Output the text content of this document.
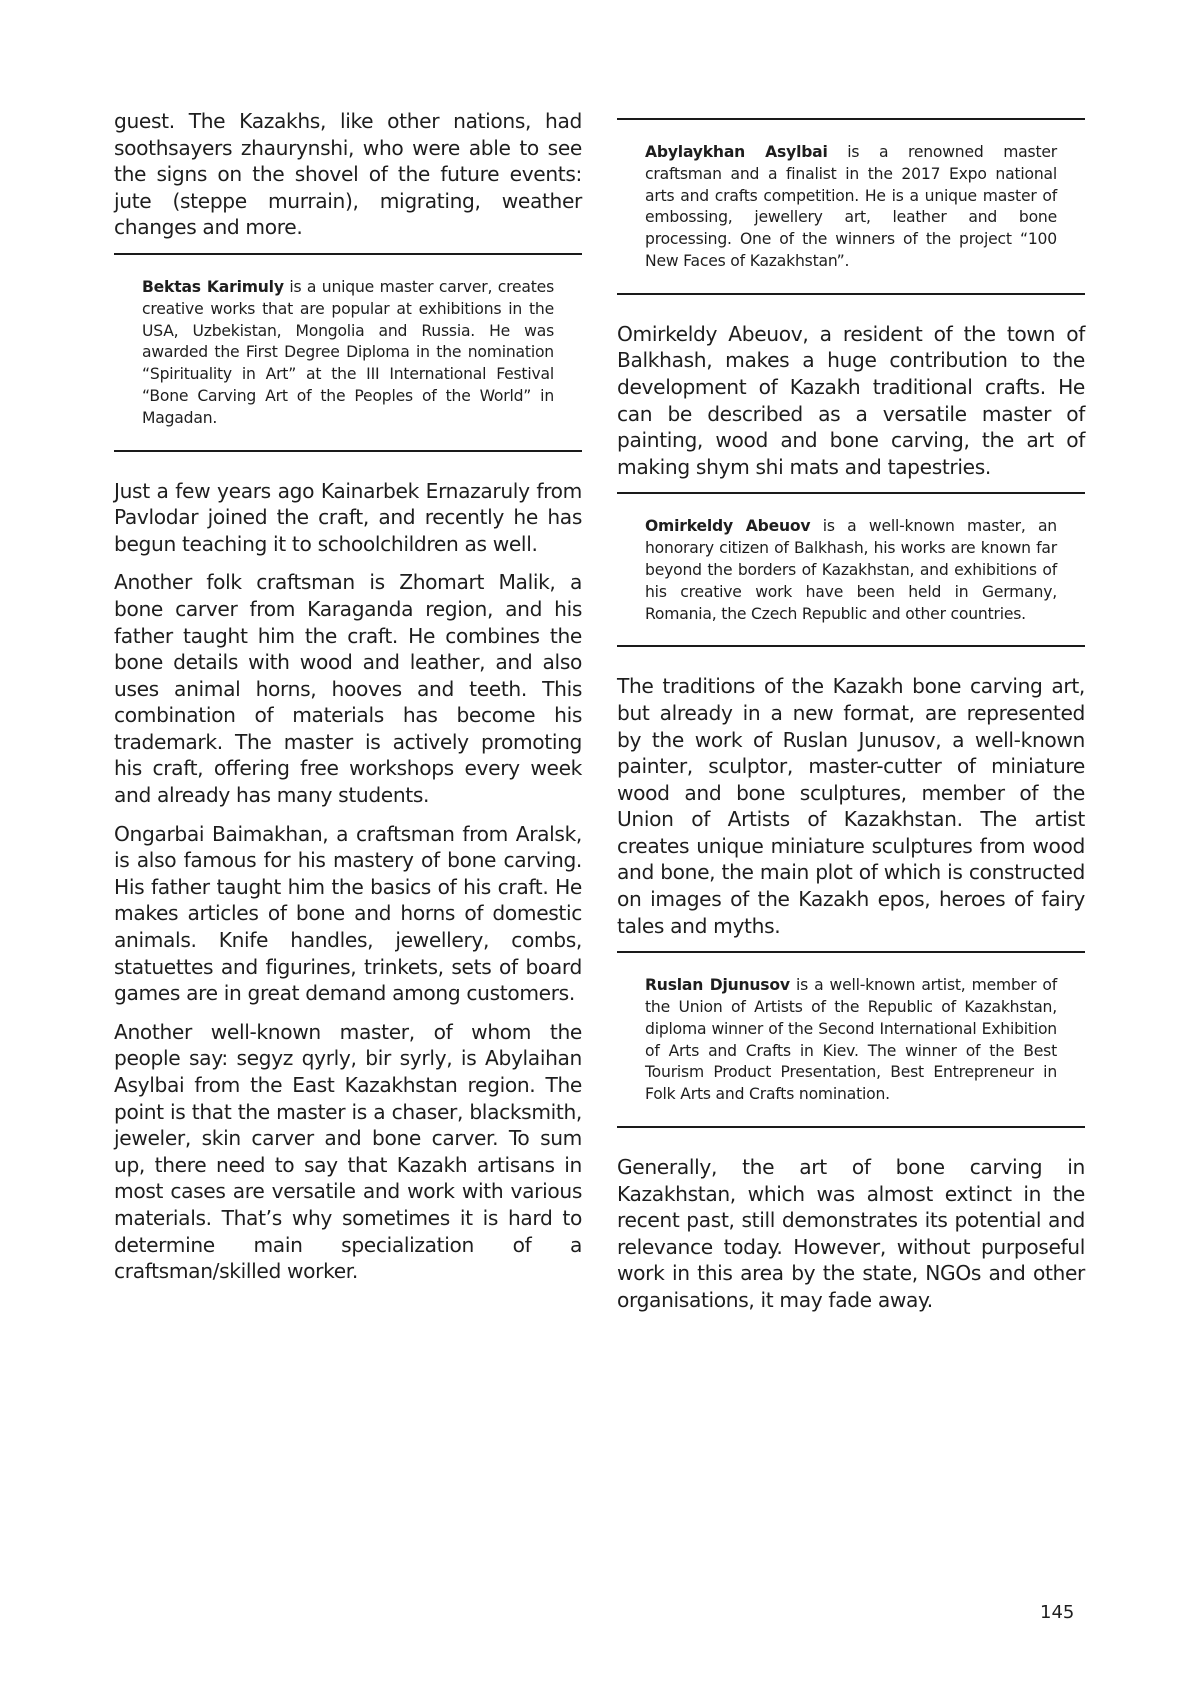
guest. The Kazakhs, like other nations, had soothsayers zhaurynshi, who were able to see the signs on the shovel of the future events: jute (steppe murrain), migrating, weather changes and more.

Bektas Karimuly is a unique master carver, creates creative works that are popular at exhibitions in the USA, Uzbekistan, Mongolia and Russia. He was awarded the First Degree Diploma in the nomination “Spirituality in Art” at the III International Festival “Bone Carving Art of the Peoples of the World” in Magadan.

Just a few years ago Kainarbek Ernazaruly from Pavlodar joined the craft, and recently he has begun teaching it to schoolchildren as well.

Another folk craftsman is Zhomart Malik, a bone carver from Karaganda region, and his father taught him the craft. He combines the bone details with wood and leather, and also uses animal horns, hooves and teeth. This combination of materials has become his trademark. The master is actively promoting his craft, offering free workshops every week and already has many students.

Ongarbai Baimakhan, a craftsman from Aralsk, is also famous for his mastery of bone carving. His father taught him the basics of his craft. He makes articles of bone and horns of domestic animals. Knife handles, jewellery, combs, statuettes and figurines, trinkets, sets of board games are in great demand among customers.

Another well-known master, of whom the people say: segyz qyrly, bir syrly, is Abylaihan Asylbai from the East Kazakhstan region. The point is that the master is a chaser, blacksmith, jeweler, skin carver and bone carver. To sum up, there need to say that Kazakh artisans in most cases are versatile and work with various materials. That’s why sometimes it is hard to determine main specialization of a craftsman/skilled worker.

Abylaykhan Asylbai is a renowned master craftsman and a finalist in the 2017 Expo national arts and crafts competition. He is a unique master of embossing, jewellery art, leather and bone processing. One of the winners of the project “100 New Faces of Kazakhstan”.

Omirkeldy Abeuov, a resident of the town of Balkhash, makes a huge contribution to the development of Kazakh traditional crafts. He can be described as a versatile master of painting, wood and bone carving, the art of making shym shi mats and tapestries.

Omirkeldy Abeuov is a well-known master, an honorary citizen of Balkhash, his works are known far beyond the borders of Kazakhstan, and exhibitions of his creative work have been held in Germany, Romania, the Czech Republic and other countries.

The traditions of the Kazakh bone carving art, but already in a new format, are represented by the work of Ruslan Junusov, a well-known painter, sculptor, master-cutter of miniature wood and bone sculptures, member of the Union of Artists of Kazakhstan. The artist creates unique miniature sculptures from wood and bone, the main plot of which is constructed on images of the Kazakh epos, heroes of fairy tales and myths.

Ruslan Djunusov is a well-known artist, member of the Union of Artists of the Republic of Kazakhstan, diploma winner of the Second International Exhibition of Arts and Crafts in Kiev. The winner of the Best Tourism Product Presentation, Best Entrepreneur in Folk Arts and Crafts nomination.

Generally, the art of bone carving in Kazakhstan, which was almost extinct in the recent past, still demonstrates its potential and relevance today. However, without purposeful work in this area by the state, NGOs and other organisations, it may fade away.

145
